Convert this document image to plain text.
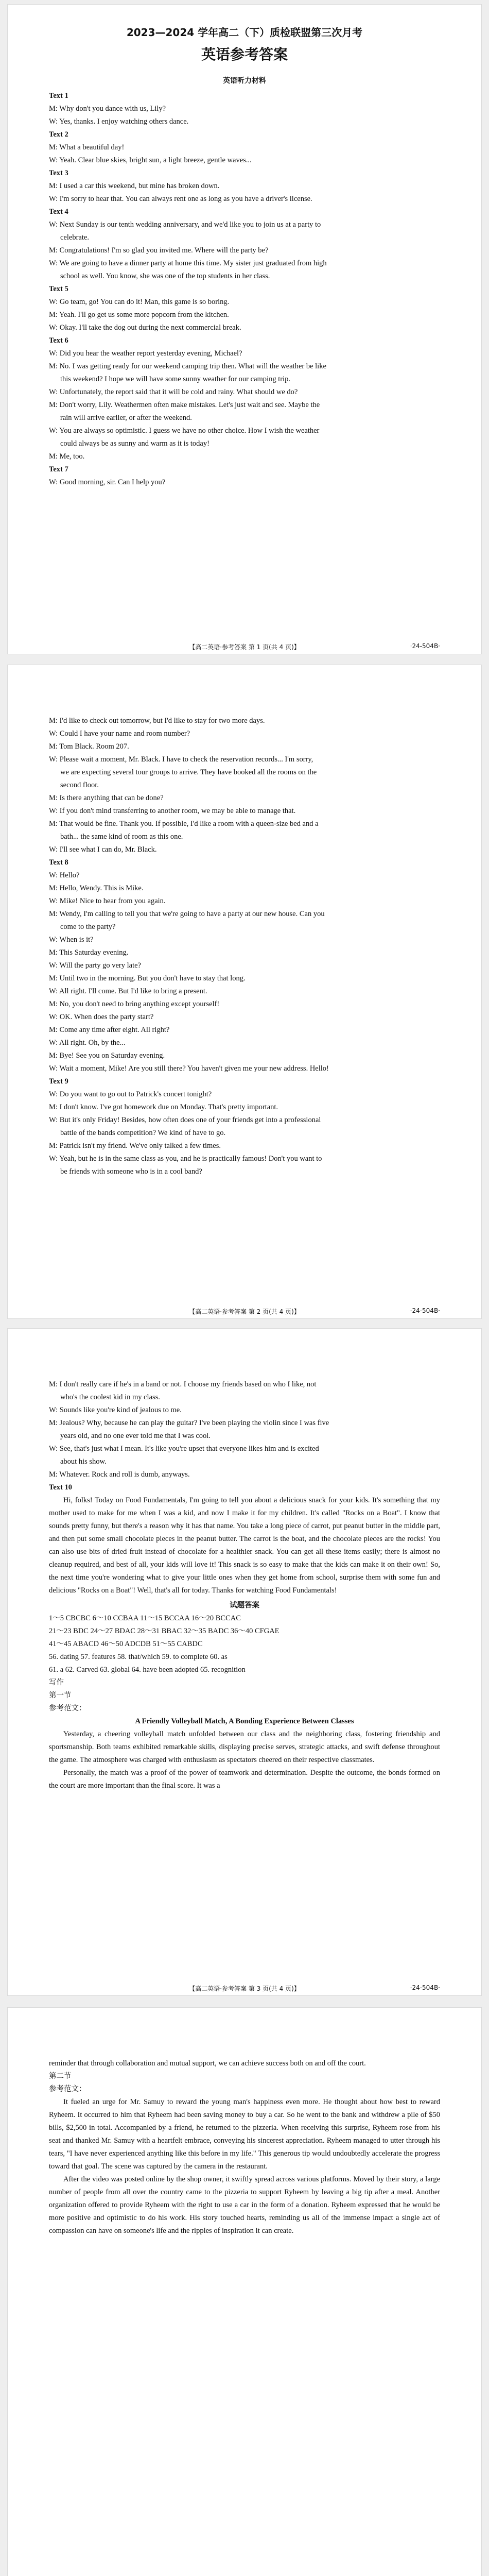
2023—2024 学年高二（下）质检联盟第三次月考
英语参考答案
英语听力材料
Text 1
M: Why don't you dance with us, Lily?
W: Yes, thanks. I enjoy watching others dance.
Text 2
M: What a beautiful day!
W: Yeah. Clear blue skies, bright sun, a light breeze, gentle waves...
Text 3
M: I used a car this weekend, but mine has broken down.
W: I'm sorry to hear that. You can always rent one as long as you have a driver's license.
Text 4
W: Next Sunday is our tenth wedding anniversary, and we'd like you to join us at a party to
celebrate.
M: Congratulations! I'm so glad you invited me. Where will the party be?
W: We are going to have a dinner party at home this time. My sister just graduated from high
school as well. You know, she was one of the top students in her class.
Text 5
W: Go team, go! You can do it! Man, this game is so boring.
M: Yeah. I'll go get us some more popcorn from the kitchen.
W: Okay. I'll take the dog out during the next commercial break.
Text 6
W: Did you hear the weather report yesterday evening, Michael?
M: No. I was getting ready for our weekend camping trip then. What will the weather be like
this weekend? I hope we will have some sunny weather for our camping trip.
W: Unfortunately, the report said that it will be cold and rainy. What should we do?
M: Don't worry, Lily. Weathermen often make mistakes. Let's just wait and see. Maybe the
rain will arrive earlier, or after the weekend.
W: You are always so optimistic. I guess we have no other choice. How I wish the weather
could always be as sunny and warm as it is today!
M: Me, too.
Text 7
W: Good morning, sir. Can I help you?
【高二英语·参考答案 第 1 页(共 4 页)】	·24-504B·
M: I'd like to check out tomorrow, but I'd like to stay for two more days.
W: Could I have your name and room number?
M: Tom Black. Room 207.
W: Please wait a moment, Mr. Black. I have to check the reservation records... I'm sorry,
we are expecting several tour groups to arrive. They have booked all the rooms on the
second floor.
M: Is there anything that can be done?
W: If you don't mind transferring to another room, we may be able to manage that.
M: That would be fine. Thank you. If possible, I'd like a room with a queen-size bed and a
bath... the same kind of room as this one.
W: I'll see what I can do, Mr. Black.
Text 8
W: Hello?
M: Hello, Wendy. This is Mike.
W: Mike! Nice to hear from you again.
M: Wendy, I'm calling to tell you that we're going to have a party at our new house. Can you
come to the party?
W: When is it?
M: This Saturday evening.
W: Will the party go very late?
M: Until two in the morning. But you don't have to stay that long.
W: All right. I'll come. But I'd like to bring a present.
M: No, you don't need to bring anything except yourself!
W: OK. When does the party start?
M: Come any time after eight. All right?
W: All right. Oh, by the...
M: Bye! See you on Saturday evening.
W: Wait a moment, Mike! Are you still there? You haven't given me your new address. Hello!
Text 9
W: Do you want to go out to Patrick's concert tonight?
M: I don't know. I've got homework due on Monday. That's pretty important.
W: But it's only Friday! Besides, how often does one of your friends get into a professional
battle of the bands competition? We kind of have to go.
M: Patrick isn't my friend. We've only talked a few times.
W: Yeah, but he is in the same class as you, and he is practically famous! Don't you want to
be friends with someone who is in a cool band?
【高二英语·参考答案 第 2 页(共 4 页)】	·24-504B·
M: I don't really care if he's in a band or not. I choose my friends based on who I like, not
who's the coolest kid in my class.
W: Sounds like you're kind of jealous to me.
M: Jealous? Why, because he can play the guitar? I've been playing the violin since I was five
years old, and no one ever told me that I was cool.
W: See, that's just what I mean. It's like you're upset that everyone likes him and is excited
about his show.
M: Whatever. Rock and roll is dumb, anyways.
Text 10

Hi, folks! Today on Food Fundamentals, I'm going to tell you about a delicious snack for your kids. It's something that my mother used to make for me when I was a kid, and now I make it for my children. It's called "Rocks on a Boat". I know that sounds pretty funny, but there's a reason why it has that name. You take a long piece of carrot, put peanut butter in the middle part, and then put some small chocolate pieces in the peanut butter. The carrot is the boat, and the chocolate pieces are the rocks! You can also use bits of dried fruit instead of chocolate for a healthier snack. You can get all these items easily; there is almost no cleanup required, and best of all, your kids will love it! This snack is so easy to make that the kids can make it on their own! So, the next time you're wondering what to give your little ones when they get home from school, surprise them with some fun and delicious "Rocks on a Boat"! Well, that's all for today. Thanks for watching Food Fundamentals!

试题答案
1～5 CBCBC 6～10 CCBAA 11～15 BCCAA 16～20 BCCAC
21～23 BDC 24～27 BDAC 28～31 BBAC 32～35 BADC 36～40 CFGAE
41～45 ABACD 46～50 ADCDB 51～55 CABDC
56. dating 57. features 58. that/which 59. to complete 60. as
61. a 62. Carved 63. global 64. have been adopted 65. recognition
写作
第一节
参考范文：
A Friendly Volleyball Match, A Bonding Experience Between Classes

Yesterday, a cheering volleyball match unfolded between our class and the neighboring class, fostering friendship and sportsmanship. Both teams exhibited remarkable skills, displaying precise serves, strategic attacks, and swift defense throughout the game. The atmosphere was charged with enthusiasm as spectators cheered on their respective classmates.

Personally, the match was a proof of the power of teamwork and determination. Despite the outcome, the bonds formed on the court are more important than the final score. It was a

【高二英语·参考答案 第 3 页(共 4 页)】	·24-504B·

reminder that through collaboration and mutual support, we can achieve success both on and off the court.

第二节
参考范文：

It fueled an urge for Mr. Samuy to reward the young man's happiness even more. He thought about how best to reward Ryheem. It occurred to him that Ryheem had been saving money to buy a car. So he went to the bank and withdrew a pile of $50 bills, $2,500 in total. Accompanied by a friend, he returned to the pizzeria. When receiving this surprise, Ryheem rose from his seat and thanked Mr. Samuy with a heartfelt embrace, conveying his sincerest appreciation. Ryheem managed to utter through his tears, "I have never experienced anything like this before in my life." This generous tip would undoubtedly accelerate the progress toward that goal. The scene was captured by the camera in the restaurant.

After the video was posted online by the shop owner, it swiftly spread across various platforms. Moved by their story, a large number of people from all over the country came to the pizzeria to support Ryheem by leaving a big tip after a meal. Another organization offered to provide Ryheem with the right to use a car in the form of a donation. Ryheem expressed that he would be more positive and optimistic to do his work. His story touched hearts, reminding us all of the immense impact a single act of compassion can have on someone's life and the ripples of inspiration it can create.
